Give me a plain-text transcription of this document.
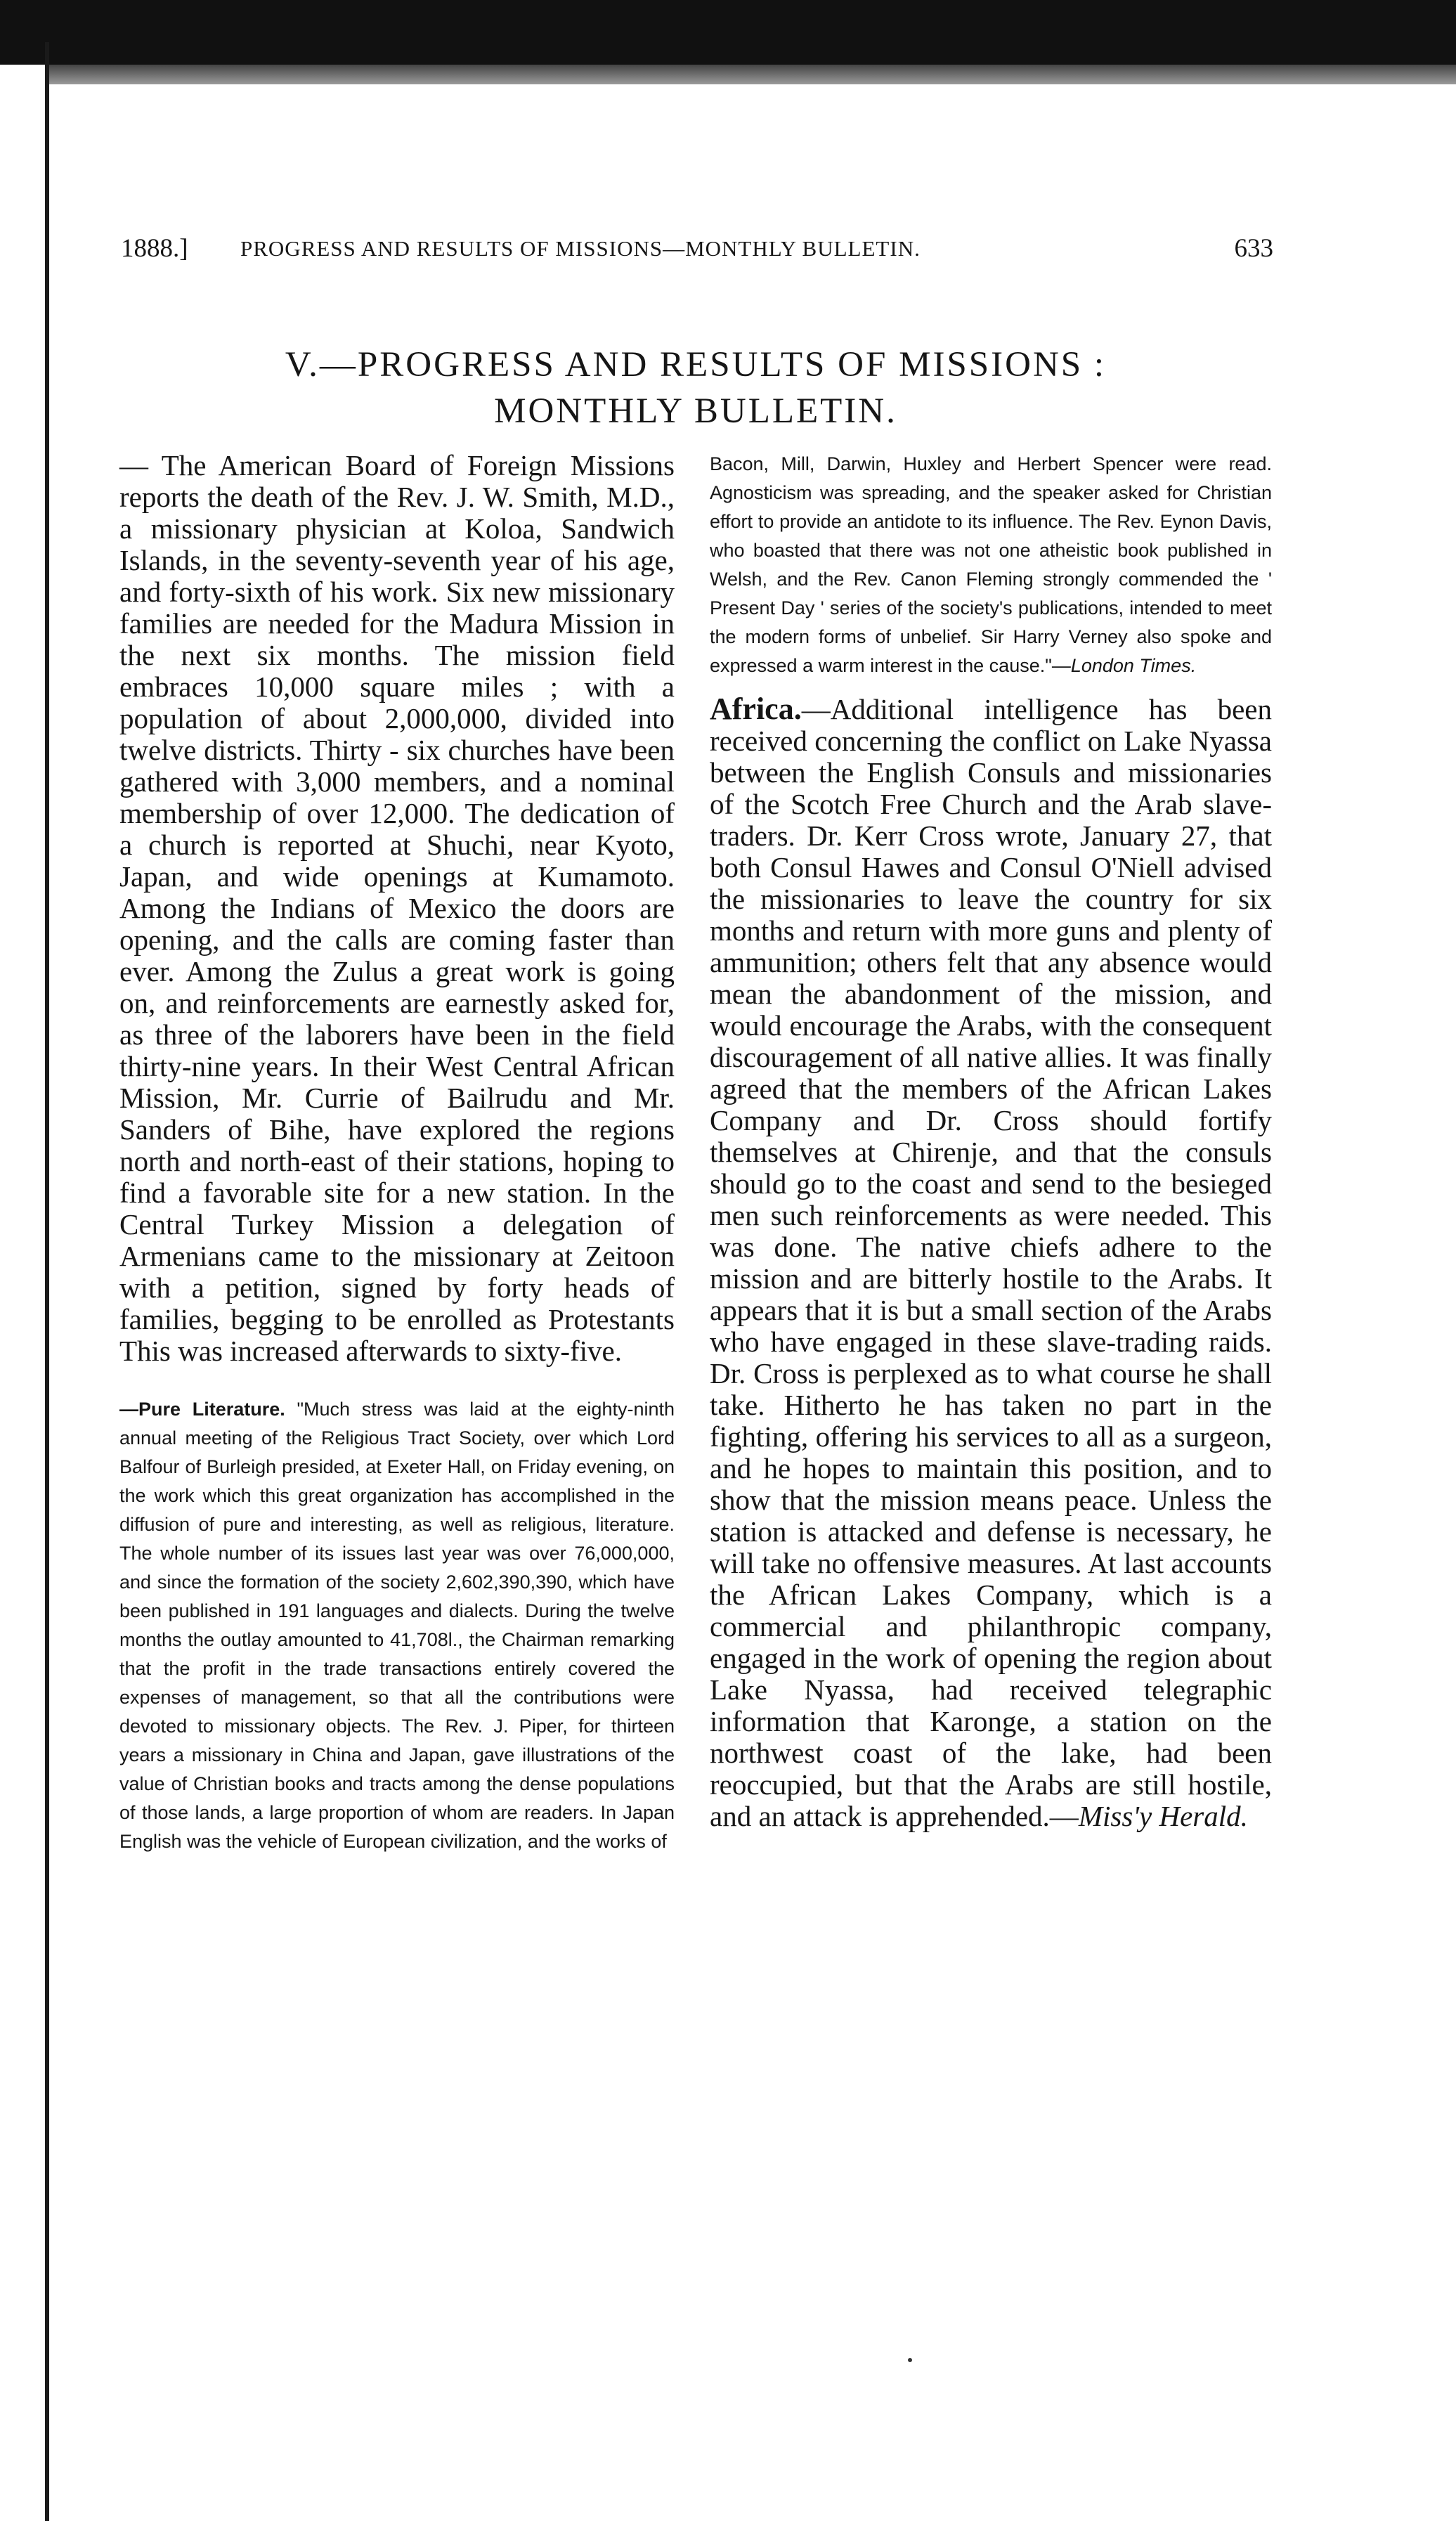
1888.] PROGRESS AND RESULTS OF MISSIONS—MONTHLY BULLETIN.	633
V.—PROGRESS AND RESULTS OF MISSIONS :
MONTHLY BULLETIN.

— The American Board of Foreign Missions reports the death of the Rev. J. W. Smith, M.D., a missionary physician at Koloa, Sandwich Islands, in the seventy-seventh year of his age, and forty-sixth of his work. Six new missionary families are needed for the Madura Mission in the next six months. The mission field embraces 10,000 square miles ; with a population of about 2,000,000, divided into twelve districts. Thirty - six churches have been gathered with 3,000 members, and a nominal membership of over 12,000. The dedication of a church is reported at Shuchi, near Kyoto, Japan, and wide openings at Kumamoto. Among the Indians of Mexico the doors are opening, and the calls are coming faster than ever. Among the Zulus a great work is going on, and reinforcements are earnestly asked for, as three of the laborers have been in the field thirty-nine years. In their West Central African Mission, Mr. Currie of Bailrudu and Mr. Sanders of Bihe, have explored the regions north and north-east of their stations, hoping to find a favorable site for a new station. In the Central Turkey Mission a delegation of Armenians came to the missionary at Zeitoon with a petition, signed by forty heads of families, begging to be enrolled as Protestants This was increased afterwards to sixty-five.

—Pure Literature. "Much stress was laid at the eighty-ninth annual meeting of the Religious Tract Society, over which Lord Balfour of Burleigh presided, at Exeter Hall, on Friday evening, on the work which this great organization has accomplished in the diffusion of pure and interesting, as well as religious, literature. The whole number of its issues last year was over 76,000,000, and since the formation of the society 2,602,390,390, which have been published in 191 languages and dialects. During the twelve months the outlay amounted to 41,708l., the Chairman remarking that the profit in the trade transactions entirely covered the expenses of management, so that all the contributions were devoted to missionary objects. The Rev. J. Piper, for thirteen years a missionary in China and Japan, gave illustrations of the value of Christian books and tracts among the dense populations of those lands, a large proportion of whom are readers. In Japan English was the vehicle of European civilization, and the works of

Bacon, Mill, Darwin, Huxley and Herbert Spencer were read. Agnosticism was spreading, and the speaker asked for Christian effort to provide an antidote to its influence. The Rev. Eynon Davis, who boasted that there was not one atheistic book published in Welsh, and the Rev. Canon Fleming strongly commended the ' Present Day ' series of the society's publications, intended to meet the modern forms of unbelief. Sir Harry Verney also spoke and expressed a warm interest in the cause."—London Times.

Africa.—Additional intelligence has been received concerning the conflict on Lake Nyassa between the English Consuls and missionaries of the Scotch Free Church and the Arab slave-traders. Dr. Kerr Cross wrote, January 27, that both Consul Hawes and Consul O'Niell advised the missionaries to leave the country for six months and return with more guns and plenty of ammunition; others felt that any absence would mean the abandonment of the mission, and would encourage the Arabs, with the consequent discouragement of all native allies. It was finally agreed that the members of the African Lakes Company and Dr. Cross should fortify themselves at Chirenje, and that the consuls should go to the coast and send to the besieged men such reinforcements as were needed. This was done. The native chiefs adhere to the mission and are bitterly hostile to the Arabs. It appears that it is but a small section of the Arabs who have engaged in these slave-trading raids. Dr. Cross is perplexed as to what course he shall take. Hitherto he has taken no part in the fighting, offering his services to all as a surgeon, and he hopes to maintain this position, and to show that the mission means peace. Unless the station is attacked and defense is necessary, he will take no offensive measures. At last accounts the African Lakes Company, which is a commercial and philanthropic company, engaged in the work of opening the region about Lake Nyassa, had received telegraphic information that Karonge, a station on the northwest coast of the lake, had been reoccupied, but that the Arabs are still hostile, and an attack is apprehended.—Miss'y Herald.
